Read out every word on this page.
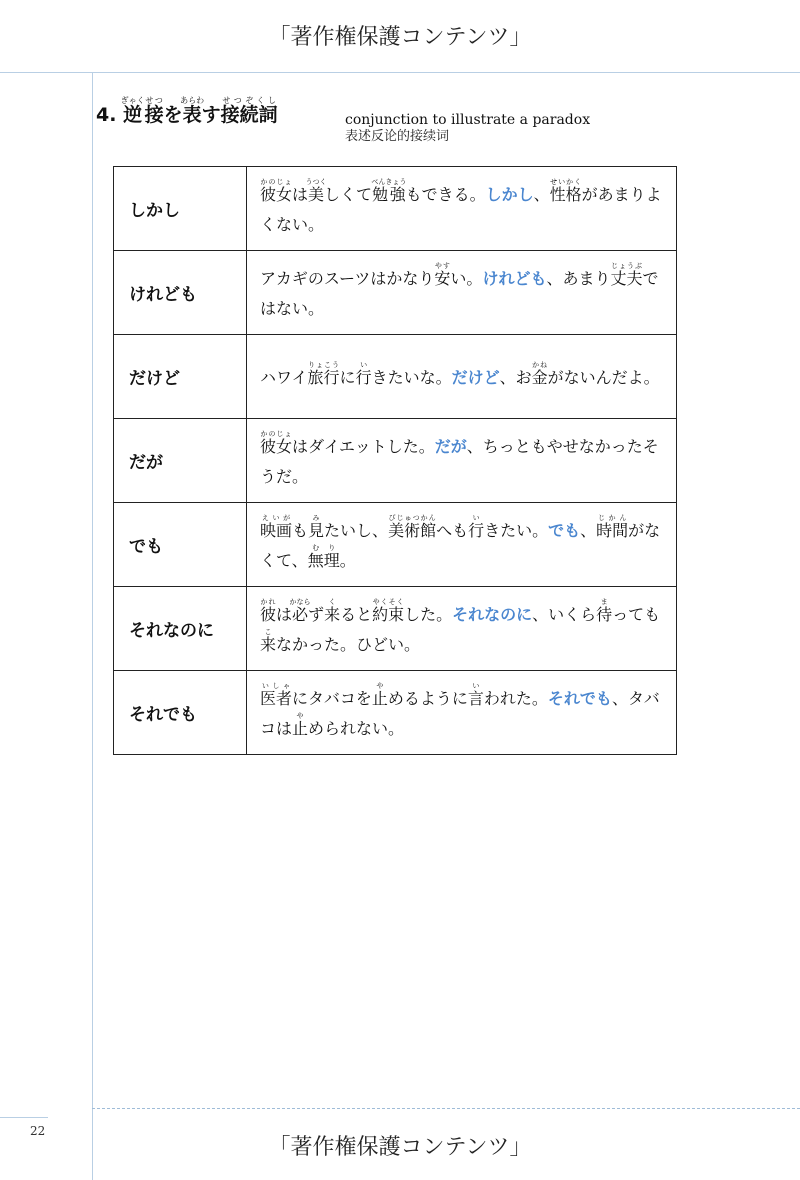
「著作権保護コンテンツ」
4. 逆ぎゃく接せつを表あらわす接続詞せつぞくし
conjunction to illustrate a paradox
表述反论的接续词
しかし	彼女かのじょは美うつくしくて勉強べんきょうもできる。しかし、性格せいかくがあまりよくない。
けれども	アカギのスーツはかなり安やすい。けれども、あまり丈夫じょうぶではない。
だけど	ハワイ旅行りょこうに行いきたいな。だけど、お金かねがないんだよ。
だが	彼女かのじょはダイエットした。だが、ちっともやせなかったそうだ。
でも	映画えいがも見みたいし、美術館びじゅつかんへも行いきたい。でも、時間じかんがなくて、無理むり。
それなのに	彼かれは必かならず来くると約束やくそくした。それなのに、いくら待まっても来こなかった。ひどい。
それでも	医者いしゃにタバコを止やめるように言いわれた。それでも、タバコは止やめられない。
22
「著作権保護コンテンツ」
